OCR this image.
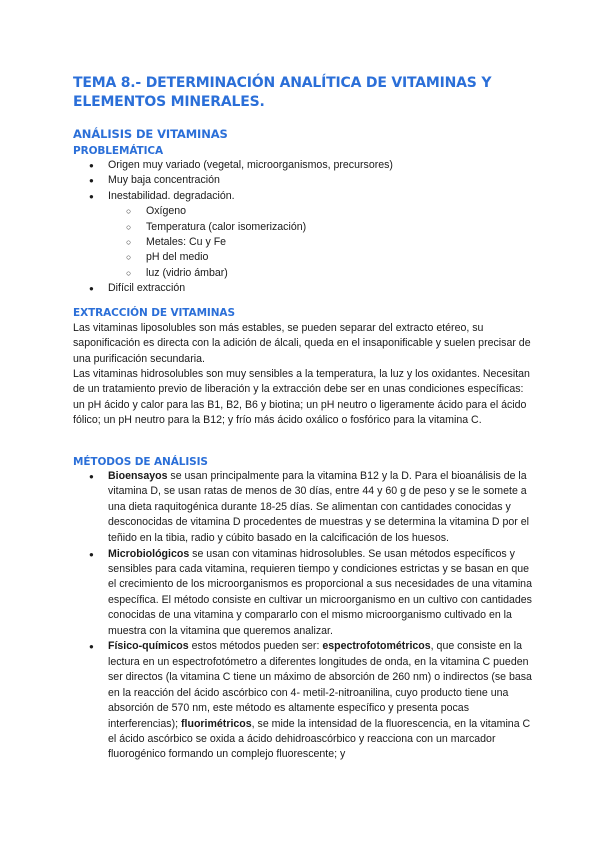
TEMA 8.- DETERMINACIÓN ANALÍTICA DE VITAMINAS Y ELEMENTOS MINERALES.
ANÁLISIS DE VITAMINAS
PROBLEMÁTICA
● Origen muy variado (vegetal, microorganismos, precursores)
● Muy baja concentración
● Inestabilidad. degradación.
○ Oxígeno
○ Temperatura (calor isomerización)
○ Metales: Cu y Fe
○ pH del medio
○ luz (vidrio ámbar)
● Difícil extracción
EXTRACCIÓN DE VITAMINAS

Las vitaminas liposolubles son más estables, se pueden separar del extracto etéreo, su saponificación es directa con la adición de álcali, queda en el insaponificable y suelen precisar de una purificación secundaria.

Las vitaminas hidrosolubles son muy sensibles a la temperatura, la luz y los oxidantes. Necesitan de un tratamiento previo de liberación y la extracción debe ser en unas condiciones específicas: un pH ácido y calor para las B1, B2, B6 y biotina; un pH neutro o ligeramente ácido para el ácido fólico; un pH neutro para la B12; y frío más ácido oxálico o fosfórico para la vitamina C.

MÉTODOS DE ANÁLISIS
● Bioensayos se usan principalmente para la vitamina B12 y la D. Para el bioanálisis de la vitamina D, se usan ratas de menos de 30 días, entre 44 y 60 g de peso y se le somete a una dieta raquitogénica durante 18-25 días. Se alimentan con cantidades conocidas y desconocidas de vitamina D procedentes de muestras y se determina la vitamina D por el teñido en la tibia, radio y cúbito basado en la calcificación de los huesos.
● Microbiológicos se usan con vitaminas hidrosolubles. Se usan métodos específicos y sensibles para cada vitamina, requieren tiempo y condiciones estrictas y se basan en que el crecimiento de los microorganismos es proporcional a sus necesidades de una vitamina específica. El método consiste en cultivar un microorganismo en un cultivo con cantidades conocidas de una vitamina y compararlo con el mismo microorganismo cultivado en la muestra con la vitamina que queremos analizar.
● Físico-químicos estos métodos pueden ser: espectrofotométricos, que consiste en la lectura en un espectrofotómetro a diferentes longitudes de onda, en la vitamina C pueden ser directos (la vitamina C tiene un máximo de absorción de 260 nm) o indirectos (se basa en la reacción del ácido ascórbico con 4- metil-2-nitroanilina, cuyo producto tiene una absorción de 570 nm, este método es altamente específico y presenta pocas interferencias); fluorimétricos, se mide la intensidad de la fluorescencia, en la vitamina C el ácido ascórbico se oxida a ácido dehidroascórbico y reacciona con un marcador fluorogénico formando un complejo fluorescente; y
